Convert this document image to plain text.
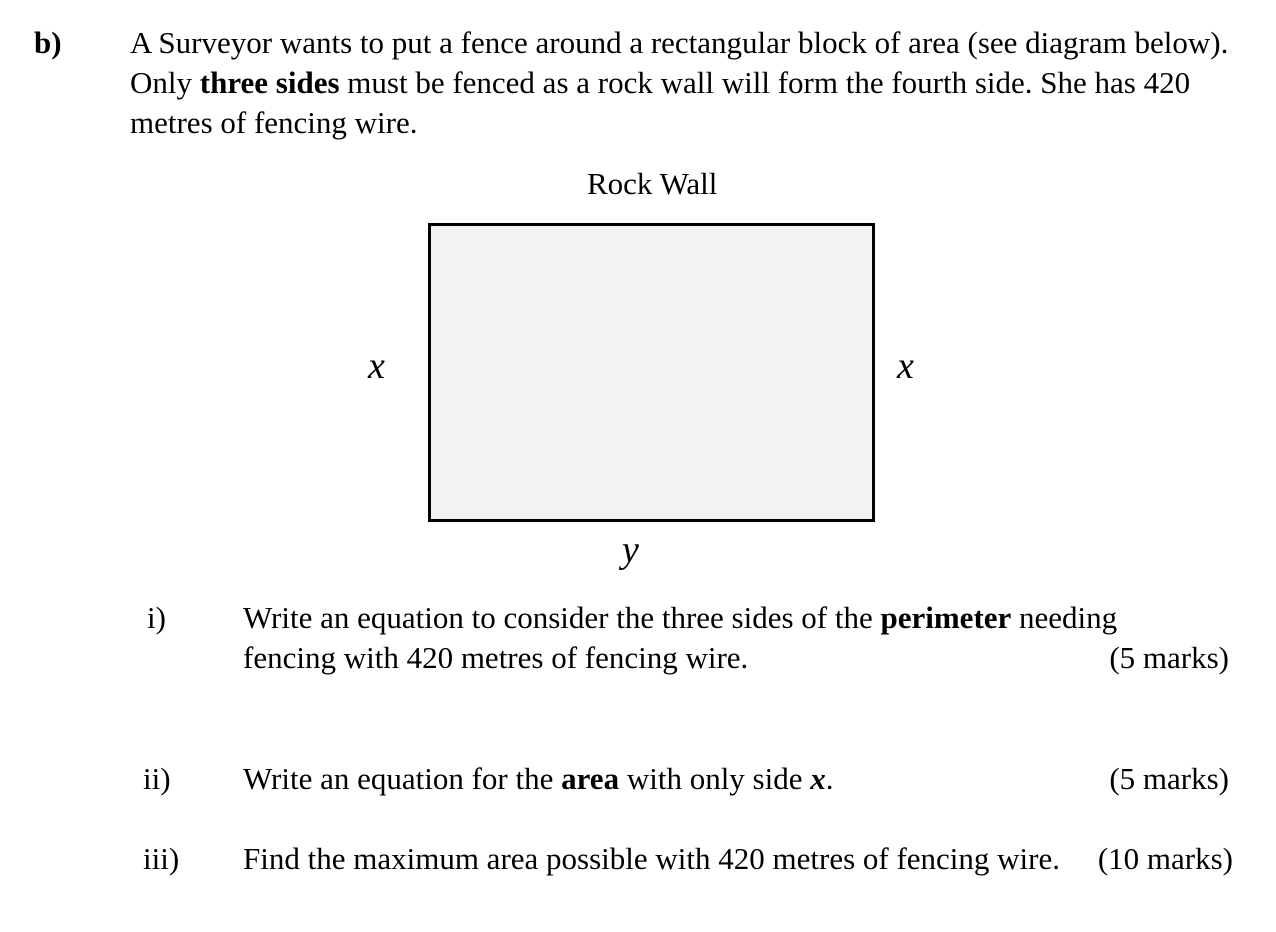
b) A Surveyor wants to put a fence around a rectangular block of area (see diagram below).
Only three sides must be fenced as a rock wall will form the fourth side. She has 420
metres of fencing wire.
Rock Wall
x	x
y
i) Write an equation to consider the three sides of the perimeter needing
fencing with 420 metres of fencing wire.	(5 marks)
ii) Write an equation for the area with only side x.	(5 marks)
iii) Find the maximum area possible with 420 metres of fencing wire. (10 marks)
